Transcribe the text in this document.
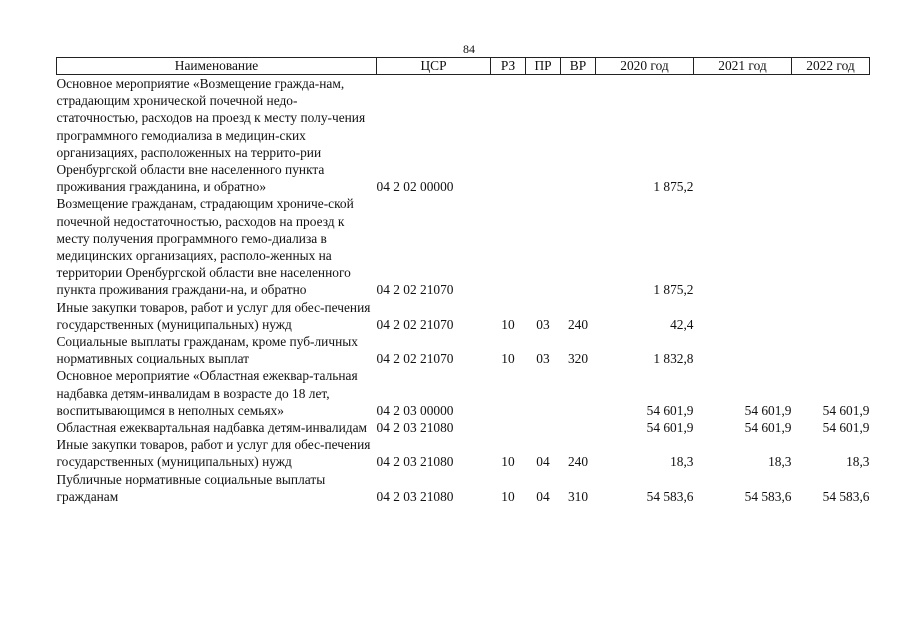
84
Наименование	ЦСР	РЗ	ПР	ВР	2020 год	2021 год	2022 год
Основное мероприятие «Возмещение гражда-нам, страдающим хронической почечной недо-статочностью, расходов на проезд к месту полу-чения программного гемодиализа в медицин-ских организациях, расположенных на террито-рии Оренбургской области вне населенного пункта проживания гражданина, и обратно»	04 2 02 00000				1 875,2		
Возмещение гражданам, страдающим хрониче-ской почечной недостаточностью, расходов на проезд к месту получения программного гемо-диализа в медицинских организациях, располо-женных на территории Оренбургской области вне населенного пункта проживания граждани-на, и обратно	04 2 02 21070				1 875,2		
Иные закупки товаров, работ и услуг для обес-печения государственных (муниципальных) нужд	04 2 02 21070	10	03	240	42,4		
Социальные выплаты гражданам, кроме пуб-личных нормативных социальных выплат	04 2 02 21070	10	03	320	1 832,8		
Основное мероприятие «Областная ежеквар-тальная надбавка детям-инвалидам в возрасте до 18 лет, воспитывающимся в неполных семьях»	04 2 03 00000				54 601,9	54 601,9	54 601,9
Областная ежеквартальная надбавка детям-инвалидам	04 2 03 21080				54 601,9	54 601,9	54 601,9
Иные закупки товаров, работ и услуг для обес-печения государственных (муниципальных) нужд	04 2 03 21080	10	04	240	18,3	18,3	18,3
Публичные нормативные социальные выплаты гражданам	04 2 03 21080	10	04	310	54 583,6	54 583,6	54 583,6
